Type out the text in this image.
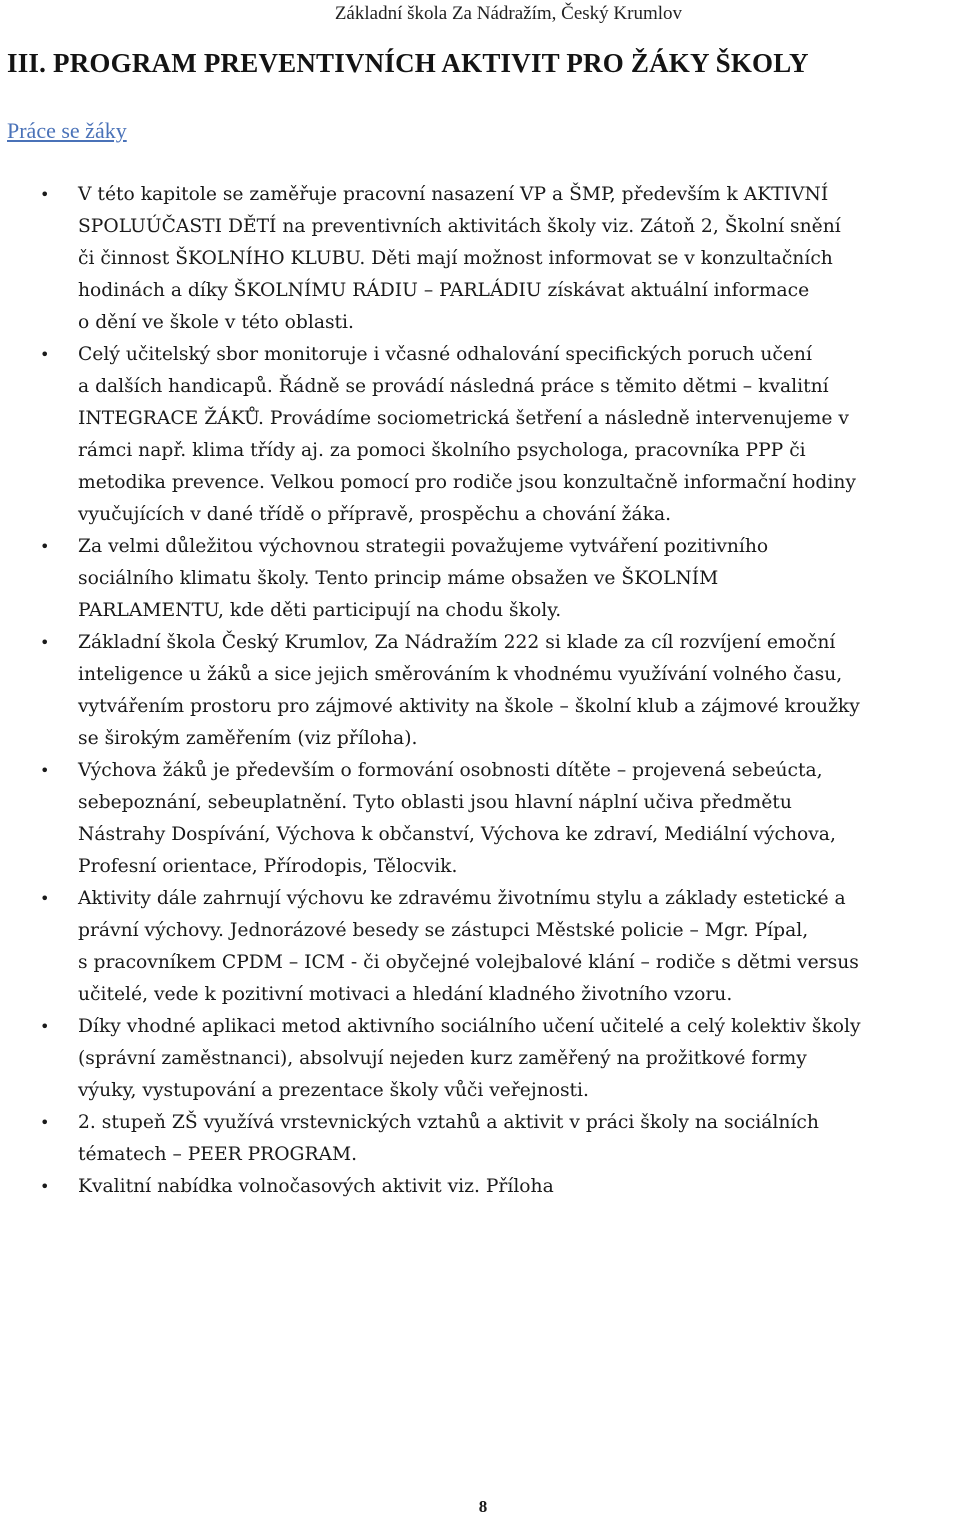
Základní škola Za Nádražím, Český Krumlov
III. PROGRAM PREVENTIVNÍCH AKTIVIT PRO ŽÁKY ŠKOLY
Práce se žáky
• V této kapitole se zaměřuje pracovní nasazení VP a ŠMP, především k AKTIVNÍ
SPOLUÚČASTI DĚTÍ na preventivních aktivitách školy viz. Zátoň 2, Školní snění
či činnost ŠKOLNÍHO KLUBU. Děti mají možnost informovat se v konzultačních
hodinách a díky ŠKOLNÍMU RÁDIU – PARLÁDIU získávat aktuální informace
o dění ve škole v této oblasti.
• Celý učitelský sbor monitoruje i včasné odhalování specifických poruch učení
a dalších handicapů. Řádně se provádí následná práce s těmito dětmi – kvalitní
INTEGRACE ŽÁKŮ. Provádíme sociometrická šetření a následně intervenujeme v
rámci např. klima třídy aj. za pomoci školního psychologa, pracovníka PPP či
metodika prevence. Velkou pomocí pro rodiče jsou konzultačně informační hodiny
vyučujících v dané třídě o přípravě, prospěchu a chování žáka.
• Za velmi důležitou výchovnou strategii považujeme vytváření pozitivního
sociálního klimatu školy. Tento princip máme obsažen ve ŠKOLNÍM
PARLAMENTU, kde děti participují na chodu školy.
• Základní škola Český Krumlov, Za Nádražím 222 si klade za cíl rozvíjení emoční
inteligence u žáků a sice jejich směrováním k vhodnému využívání volného času,
vytvářením prostoru pro zájmové aktivity na škole – školní klub a zájmové kroužky
se širokým zaměřením (viz příloha).
• Výchova žáků je především o formování osobnosti dítěte – projevená sebeúcta,
sebepoznání, sebeuplatnění. Tyto oblasti jsou hlavní náplní učiva předmětu
Nástrahy Dospívání, Výchova k občanství, Výchova ke zdraví, Mediální výchova,
Profesní orientace, Přírodopis, Tělocvik.
• Aktivity dále zahrnují výchovu ke zdravému životnímu stylu a základy estetické a
právní výchovy. Jednorázové besedy se zástupci Městské policie – Mgr. Pípal,
s pracovníkem CPDM – ICM - či obyčejné volejbalové klání – rodiče s dětmi versus
učitelé, vede k pozitivní motivaci a hledání kladného životního vzoru.
• Díky vhodné aplikaci metod aktivního sociálního učení učitelé a celý kolektiv školy
(správní zaměstnanci), absolvují nejeden kurz zaměřený na prožitkové formy
výuky, vystupování a prezentace školy vůči veřejnosti.
• 2. stupeň ZŠ využívá vrstevnických vztahů a aktivit v práci školy na sociálních
tématech – PEER PROGRAM.
• Kvalitní nabídka volnočasových aktivit viz. Příloha
8
